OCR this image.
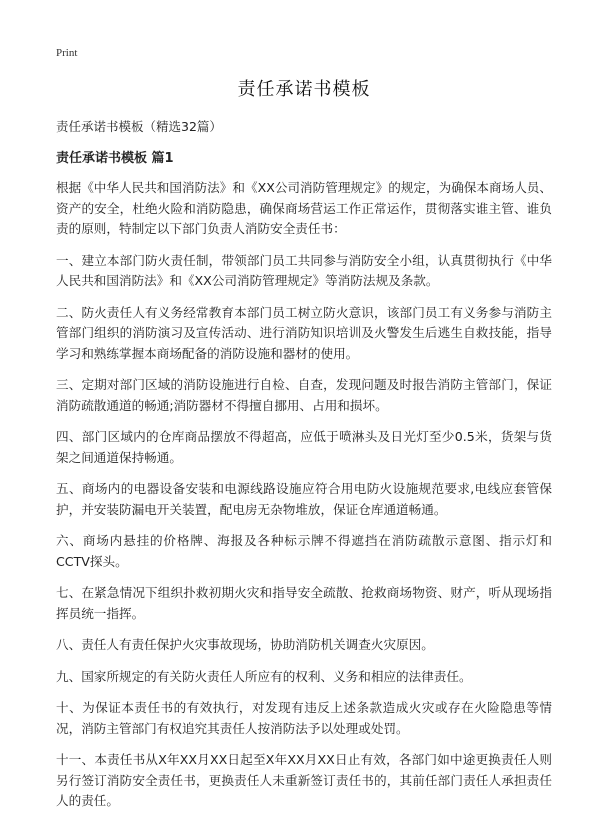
Print
责任承诺书模板
责任承诺书模板（精选32篇）
责任承诺书模板 篇1

根据《中华人民共和国消防法》和《XX公司消防管理规定》的规定，为确保本商场人员、资产的安全，杜绝火险和消防隐患，确保商场营运工作正常运作，贯彻落实谁主管、谁负责的原则，特制定以下部门负责人消防安全责任书：

一、建立本部门防火责任制，带领部门员工共同参与消防安全小组，认真贯彻执行《中华人民共和国消防法》和《XX公司消防管理规定》等消防法规及条款。

二、防火责任人有义务经常教育本部门员工树立防火意识，该部门员工有义务参与消防主管部门组织的消防演习及宣传活动、进行消防知识培训及火警发生后逃生自救技能，指导学习和熟练掌握本商场配备的消防设施和器材的使用。

三、定期对部门区域的消防设施进行自检、自查，发现问题及时报告消防主管部门，保证消防疏散通道的畅通;消防器材不得擅自挪用、占用和损坏。

四、部门区域内的仓库商品摆放不得超高，应低于喷淋头及日光灯至少0.5米，货架与货架之间通道保持畅通。

五、商场内的电器设备安装和电源线路设施应符合用电防火设施规范要求,电线应套管保护，并安装防漏电开关装置，配电房无杂物堆放，保证仓库通道畅通。

六、商场内悬挂的价格牌、海报及各种标示牌不得遮挡在消防疏散示意图、指示灯和CCTV探头。

七、在紧急情况下组织扑救初期火灾和指导安全疏散、抢救商场物资、财产，听从现场指挥员统一指挥。

八、责任人有责任保护火灾事故现场，协助消防机关调查火灾原因。

九、国家所规定的有关防火责任人所应有的权利、义务和相应的法律责任。

十、为保证本责任书的有效执行，对发现有违反上述条款造成火灾或存在火险隐患等情况，消防主管部门有权追究其责任人按消防法予以处理或处罚。

十一、本责任书从X年XX月XX日起至X年XX月XX日止有效，各部门如中途更换责任人则另行签订消防安全责任书，更换责任人未重新签订责任书的，其前任部门责任人承担责任人的责任。
